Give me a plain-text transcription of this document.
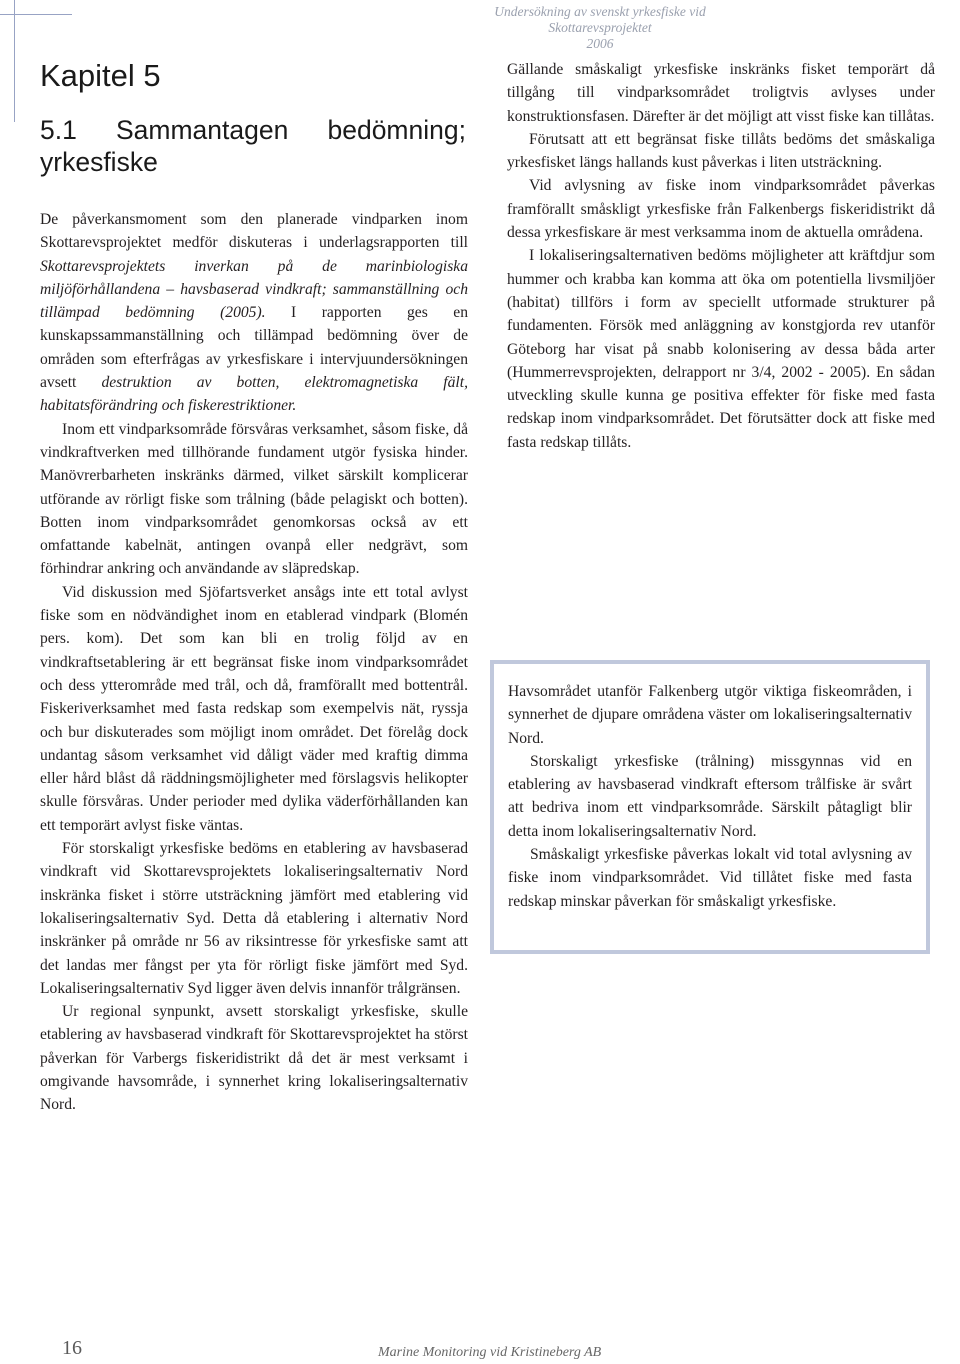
Undersökning av svenskt yrkesfiske vid Skottarevsprojektet
2006
Kapitel 5
5.1 Sammantagen bedömning;
yrkesfiske

De påverkansmoment som den planerade vindparken inom Skottarevsprojektet medför diskuteras i underlagsrapporten till Skottarevsprojektets inverkan på de marinbiologiska miljöförhållandena – havsbaserad vindkraft; sammanställning och tillämpad bedömning (2005). I rapporten ges en kunskapssammanställning och tillämpad bedömning över de områden som efterfrågas av yrkesfiskare i intervjuundersökningen avsett destruktion av botten, elektromagnetiska fält, habitatsförändring och fiskerestriktioner.

Inom ett vindparksområde försvåras verksamhet, såsom fiske, då vindkraftverken med tillhörande fundament utgör fysiska hinder. Manövrerbarheten inskränks därmed, vilket särskilt komplicerar utförande av rörligt fiske som trålning (både pelagiskt och botten). Botten inom vindparksområdet genomkorsas också av ett omfattande kabelnät, antingen ovanpå eller nedgrävt, som förhindrar ankring och användande av släpredskap.

Vid diskussion med Sjöfartsverket ansågs inte ett total avlyst fiske som en nödvändighet inom en etablerad vindpark (Blomén pers. kom). Det som kan bli en trolig följd av en vindkraftsetablering är ett begränsat fiske inom vindparksområdet och dess ytterområde med trål, och då, framförallt med bottentrål. Fiskeriverksamhet med fasta redskap som exempelvis nät, ryssja och bur diskuterades som möjligt inom området. Det förelåg dock undantag såsom verksamhet vid dåligt väder med kraftig dimma eller hård blåst då räddningsmöjligheter med förslagsvis helikopter skulle försvåras. Under perioder med dylika väderförhållanden kan ett temporärt avlyst fiske väntas.

För storskaligt yrkesfiske bedöms en etablering av havsbaserad vindkraft vid Skottarevsprojektets lokaliseringsalternativ Nord inskränka fisket i större utsträckning jämfört med etablering vid lokaliseringsalternativ Syd. Detta då etablering i alternativ Nord inskränker på område nr 56 av riksintresse för yrkesfiske samt att det landas mer fångst per yta för rörligt fiske jämfört med Syd. Lokaliseringsalternativ Syd ligger även delvis innanför trålgränsen.

Ur regional synpunkt, avsett storskaligt yrkesfiske, skulle etablering av havsbaserad vindkraft för Skottarevsprojektet ha störst påverkan för Varbergs fiskeridistrikt då det är mest verksamt i omgivande havsområde, i synnerhet kring lokaliseringsalternativ Nord.

Gällande småskaligt yrkesfiske inskränks fisket temporärt då tillgång till vindparksområdet troligtvis avlyses under konstruktionsfasen. Därefter är det möjligt att visst fiske kan tillåtas.

Förutsatt att ett begränsat fiske tillåts bedöms det småskaliga yrkesfisket längs hallands kust påverkas i liten utsträckning.

Vid avlysning av fiske inom vindparksområdet påverkas framförallt småskligt yrkesfiske från Falkenbergs fiskeridistrikt då dessa yrkesfiskare är mest verksamma inom de aktuella områdena.

I lokaliseringsalternativen bedöms möjligheter att kräftdjur som hummer och krabba kan komma att öka om potentiella livsmiljöer (habitat) tillförs i form av speciellt utformade strukturer på fundamenten. Försök med anläggning av konstgjorda rev utanför Göteborg har visat på snabb kolonisering av dessa båda arter (Hummerrevsprojekten, delrapport nr 3/4, 2002 - 2005). En sådan utveckling skulle kunna ge positiva effekter för fiske med fasta redskap inom vindparksområdet. Det förutsätter dock att fiske med fasta redskap tillåts.

Havsområdet utanför Falkenberg utgör viktiga fiskeområden, i synnerhet de djupare områdena väster om lokaliseringsalternativ Nord.

Storskaligt yrkesfiske (trålning) missgynnas vid en etablering av havsbaserad vindkraft eftersom trålfiske är svårt att bedriva inom ett vindparksområde. Särskilt påtagligt blir detta inom lokaliseringsalternativ Nord.

Småskaligt yrkesfiske påverkas lokalt vid total avlysning av fiske inom vindparksområdet. Vid tillåtet fiske med fasta redskap minskar påverkan för småskaligt yrkesfiske.

16	Marine Monitoring vid Kristineberg AB
